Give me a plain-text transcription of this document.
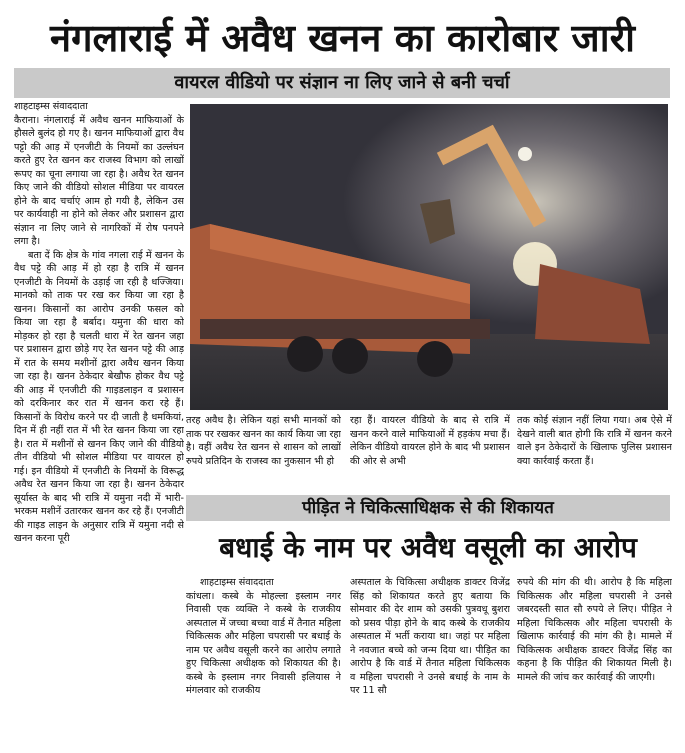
नंगलाराई में अवैध खनन का कारोबार जारी
वायरल वीडियो पर संज्ञान ना लिए जाने से बनी चर्चा

शाहटाइम्स संवाददाता

कैराना। नंगलाराई में अवैध खनन माफियाओं के हौसले बुलंद हो गए है। खनन माफियाओं द्वारा वैध पट्टो की आड़ में एनजीटी के नियमों का उल्लंघन करते हुए रेत खनन कर राजस्व विभाग को लाखों रूपए का चूना लगाया जा रहा है। अवैध रेत खनन किए जाने की वीडियो सोशल मीडिया पर वायरल होने के बाद चर्चाएं आम हो गयी है, लेकिन उस पर कार्यवाही ना होने को लेकर और प्रशासन द्वारा संज्ञान ना लिए जाने से नागरिकों में रोष पनपने लगा है।

बता दें कि क्षेत्र के गांव नगला राई में खनन के वैध पट्टे की आड़ में हो रहा है रात्रि में खनन एनजीटी के नियमों के उड़ाई जा रही है धज्जिया। मानको को ताक पर रख कर किया जा रहा है खनन। किसानों का आरोप उनकी फसल को किया जा रहा है बर्बाद। यमुना की धारा को मोड़कर हो रहा है चलती धारा में रेत खनन जहा पर प्रशासन द्वारा छोड़े गए रेत खनन पट्टे की आड़ में रात के समय मशीनों द्वारा अवैध खनन किया जा रहा है। खनन ठेकेदार बेखौफ होकर वैध पट्टे की आड़ में एनजीटी की गाइडलाइन व प्रशासन को दरकिनार कर रात में खनन करा रहे हैं। किसानों के विरोध करने पर दी जाती है धमकियां, दिन में ही नहीं रात में भी रेत खनन किया जा रहा है। रात में मशीनों से खनन किए जाने की वीडियो तीन वीडियो भी सोशल मीडिया पर वायरल हो गई। इन वीडियो में एनजीटी के नियमों के विरूद्ध अवैध रेत खनन किया जा रहा है। खनन ठेकेदार सूर्यास्त के बाद भी रात्रि में यमुना नदी में भारी-भरकम मशीनें उतारकर खनन कर रहे हैं। एनजीटी की गाइड लाइन के अनुसार रात्रि में यमुना नदी से खनन करना पूरी

तरह अवैध है। लेकिन यहां सभी मानकों को ताक पर रखकर खनन का कार्य किया जा रहा है। वहीं अवैध रेत खनन से शासन को लाखों रुपये प्रतिदिन के राजस्व का नुकसान भी हो
रहा हैं। वायरल वीडियो के बाद से रात्रि में खनन करने वाले माफियाओं में हड़कंप मचा हैं। लेकिन वीडियो वायरल होने के बाद भी प्रशासन की ओर से अभी
तक कोई संज्ञान नहीं लिया गया। अब ऐसे में देखने वाली बात होगी कि रात्रि में खनन करने वाले इन ठेकेदारों के खिलाफ पुलिस प्रशासन क्या कार्रवाई करता हैं।
पीड़ित ने चिकित्साधिक्षक से की शिकायत
बधाई के नाम पर अवैध वसूली का आरोप

शाहटाइम्स संवाददाता

कांधला। कस्बे के मोहल्ला इस्लाम नगर निवासी एक व्यक्ति ने कस्बे के राजकीय अस्पताल में जच्चा बच्चा वार्ड में तैनात महिला चिकित्सक और महिला चपरासी पर बधाई के नाम पर अवैध वसूली करने का आरोप लगाते हुए चिकित्सा अधीक्षक को शिकायत की है। कस्बे के इस्लाम नगर निवासी इलियास ने मंगलवार को राजकीय

अस्पताल के चिकित्सा अधीक्षक डाक्टर विजेंद्र सिंह को शिकायत करते हुए बताया कि सोमवार की देर शाम को उसकी पुत्रवधू बुशरा को प्रसव पीड़ा होने के बाद कस्बे के राजकीय अस्पताल में भर्ती कराया था। जहां पर महिला ने नवजात बच्चे को जन्म दिया था। पीड़ित का आरोप है कि वार्ड में तैनात महिला चिकित्सक व महिला चपरासी ने उनसे बधाई के नाम के पर 11 सौ
रुपये की मांग की थी। आरोप है कि महिला चिकित्सक और महिला चपरासी ने उनसे जबरदस्ती सात सौ रुपये ले लिए। पीड़ित ने महिला चिकित्सक और महिला चपरासी के खिलाफ कार्रवाई की मांग की है। मामले में चिकित्सक अधीक्षक डाक्टर विजेंद्र सिंह का कहना है कि पीड़ित की शिकायत मिली है। मामले की जांच कर कार्रवाई की जाएगी।
